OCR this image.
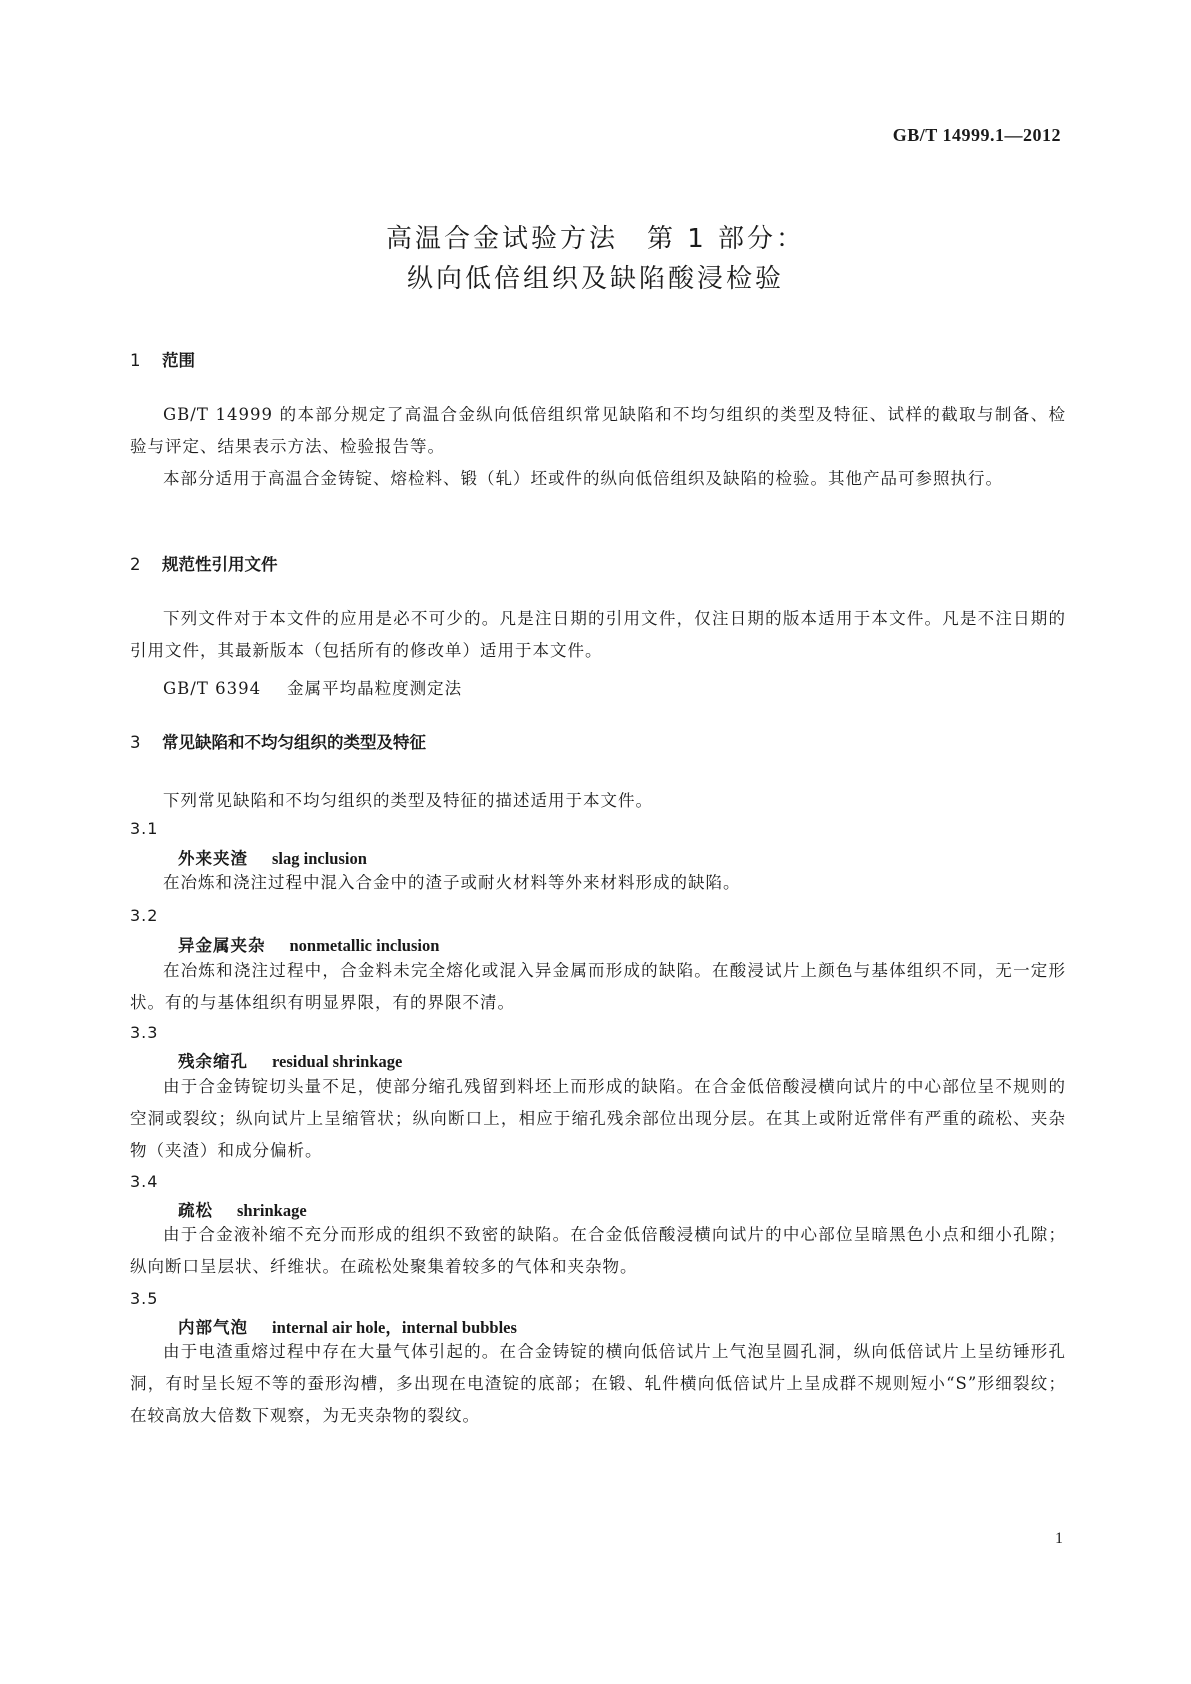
GB/T 14999.1—2012

高温合金试验方法　第 1 部分：

纵向低倍组织及缺陷酸浸检验

1 范围

GB/T 14999 的本部分规定了高温合金纵向低倍组织常见缺陷和不均匀组织的类型及特征、试样的截取与制备、检验与评定、结果表示方法、检验报告等。

本部分适用于高温合金铸锭、熔检料、锻（轧）坯或件的纵向低倍组织及缺陷的检验。其他产品可参照执行。

2 规范性引用文件

下列文件对于本文件的应用是必不可少的。凡是注日期的引用文件，仅注日期的版本适用于本文件。凡是不注日期的引用文件，其最新版本（包括所有的修改单）适用于本文件。

GB/T 6394 金属平均晶粒度测定法

3 常见缺陷和不均匀组织的类型及特征

下列常见缺陷和不均匀组织的类型及特征的描述适用于本文件。

3.1

外来夹渣 slag inclusion

在冶炼和浇注过程中混入合金中的渣子或耐火材料等外来材料形成的缺陷。

3.2

异金属夹杂 nonmetallic inclusion

在冶炼和浇注过程中，合金料未完全熔化或混入异金属而形成的缺陷。在酸浸试片上颜色与基体组织不同，无一定形状。有的与基体组织有明显界限，有的界限不清。

3.3

残余缩孔 residual shrinkage

由于合金铸锭切头量不足，使部分缩孔残留到料坯上而形成的缺陷。在合金低倍酸浸横向试片的中心部位呈不规则的空洞或裂纹；纵向试片上呈缩管状；纵向断口上，相应于缩孔残余部位出现分层。在其上或附近常伴有严重的疏松、夹杂物（夹渣）和成分偏析。

3.4

疏松 shrinkage

由于合金液补缩不充分而形成的组织不致密的缺陷。在合金低倍酸浸横向试片的中心部位呈暗黑色小点和细小孔隙；纵向断口呈层状、纤维状。在疏松处聚集着较多的气体和夹杂物。

3.5

内部气泡 internal air hole，internal bubbles

由于电渣重熔过程中存在大量气体引起的。在合金铸锭的横向低倍试片上气泡呈圆孔洞，纵向低倍试片上呈纺锤形孔洞，有时呈长短不等的蚕形沟槽，多出现在电渣锭的底部；在锻、轧件横向低倍试片上呈成群不规则短小“S”形细裂纹；在较高放大倍数下观察，为无夹杂物的裂纹。

1
